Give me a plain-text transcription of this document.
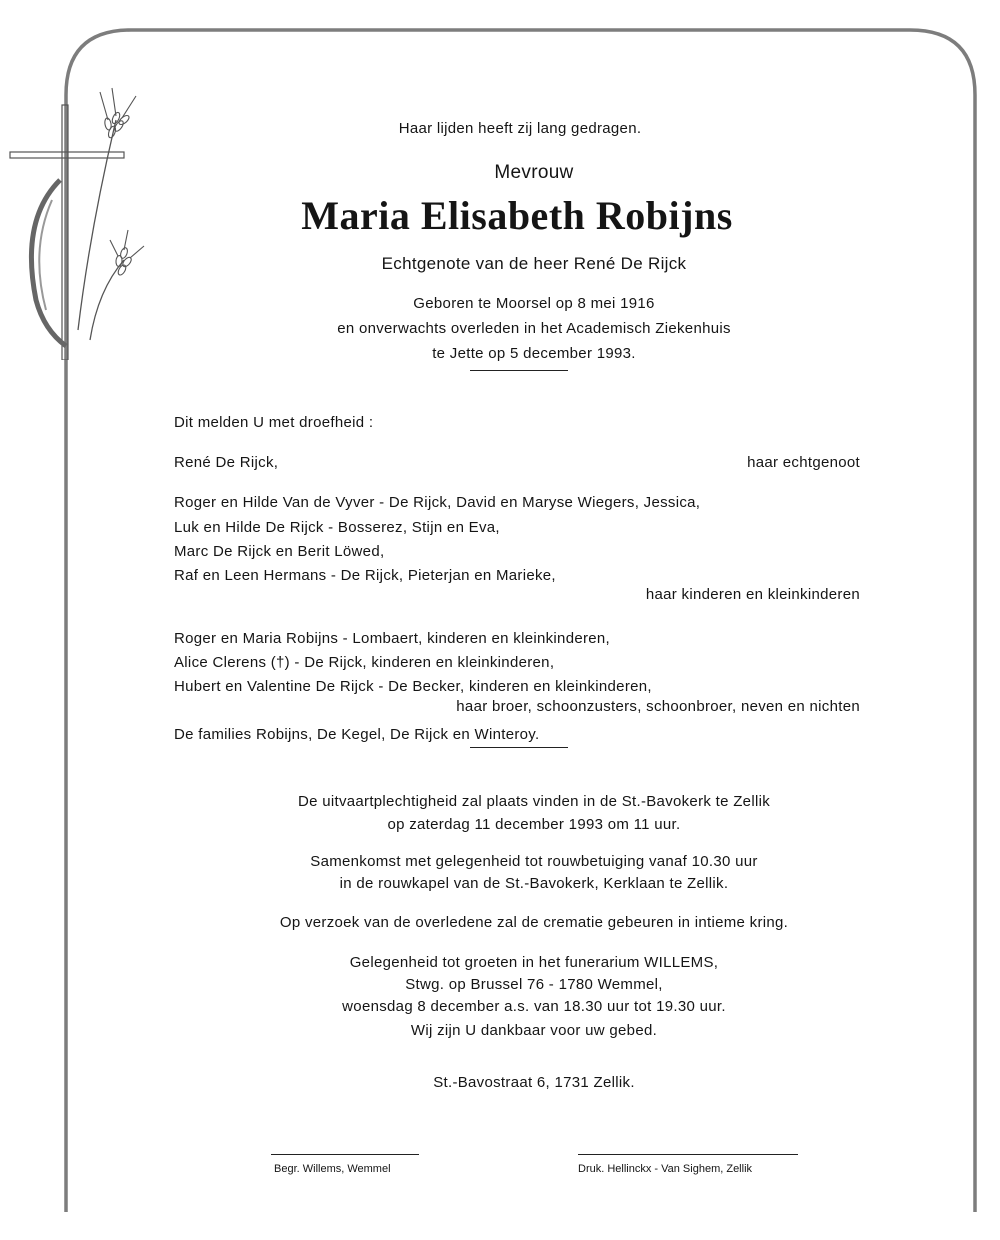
Haar lijden heeft zij lang gedragen.

Mevrouw

Maria Elisabeth Robijns

Echtgenote van de heer René De Rijck

Geboren te Moorsel op 8 mei 1916

en onverwachts overleden in het Academisch Ziekenhuis

te Jette op 5 december 1993.

Dit melden U met droefheid :
René De Rijck,	haar echtgenoot
Roger en Hilde Van de Vyver - De Rijck, David en Maryse Wiegers, Jessica,
Luk en Hilde De Rijck - Bosserez, Stijn en Eva,
Marc De Rijck en Berit Löwed,
Raf en Leen Hermans - De Rijck, Pieterjan en Marieke,
haar kinderen en kleinkinderen
Roger en Maria Robijns - Lombaert, kinderen en kleinkinderen,
Alice Clerens (†) - De Rijck, kinderen en kleinkinderen,
Hubert en Valentine De Rijck - De Becker, kinderen en kleinkinderen,
haar broer, schoonzusters, schoonbroer, neven en nichten
De families Robijns, De Kegel, De Rijck en Winteroy.

De uitvaartplechtigheid zal plaats vinden in de St.-Bavokerk te Zellik

op zaterdag 11 december 1993 om 11 uur.

Samenkomst met gelegenheid tot rouwbetuiging vanaf 10.30 uur

in de rouwkapel van de St.-Bavokerk, Kerklaan te Zellik.

Op verzoek van de overledene zal de crematie gebeuren in intieme kring.

Gelegenheid tot groeten in het funerarium WILLEMS,

Stwg. op Brussel 76 - 1780 Wemmel,

woensdag 8 december a.s. van 18.30 uur tot 19.30 uur.

Wij zijn U dankbaar voor uw gebed.

St.-Bavostraat 6, 1731 Zellik.

Begr. Willems, Wemmel	Druk. Hellinckx - Van Sighem, Zellik
